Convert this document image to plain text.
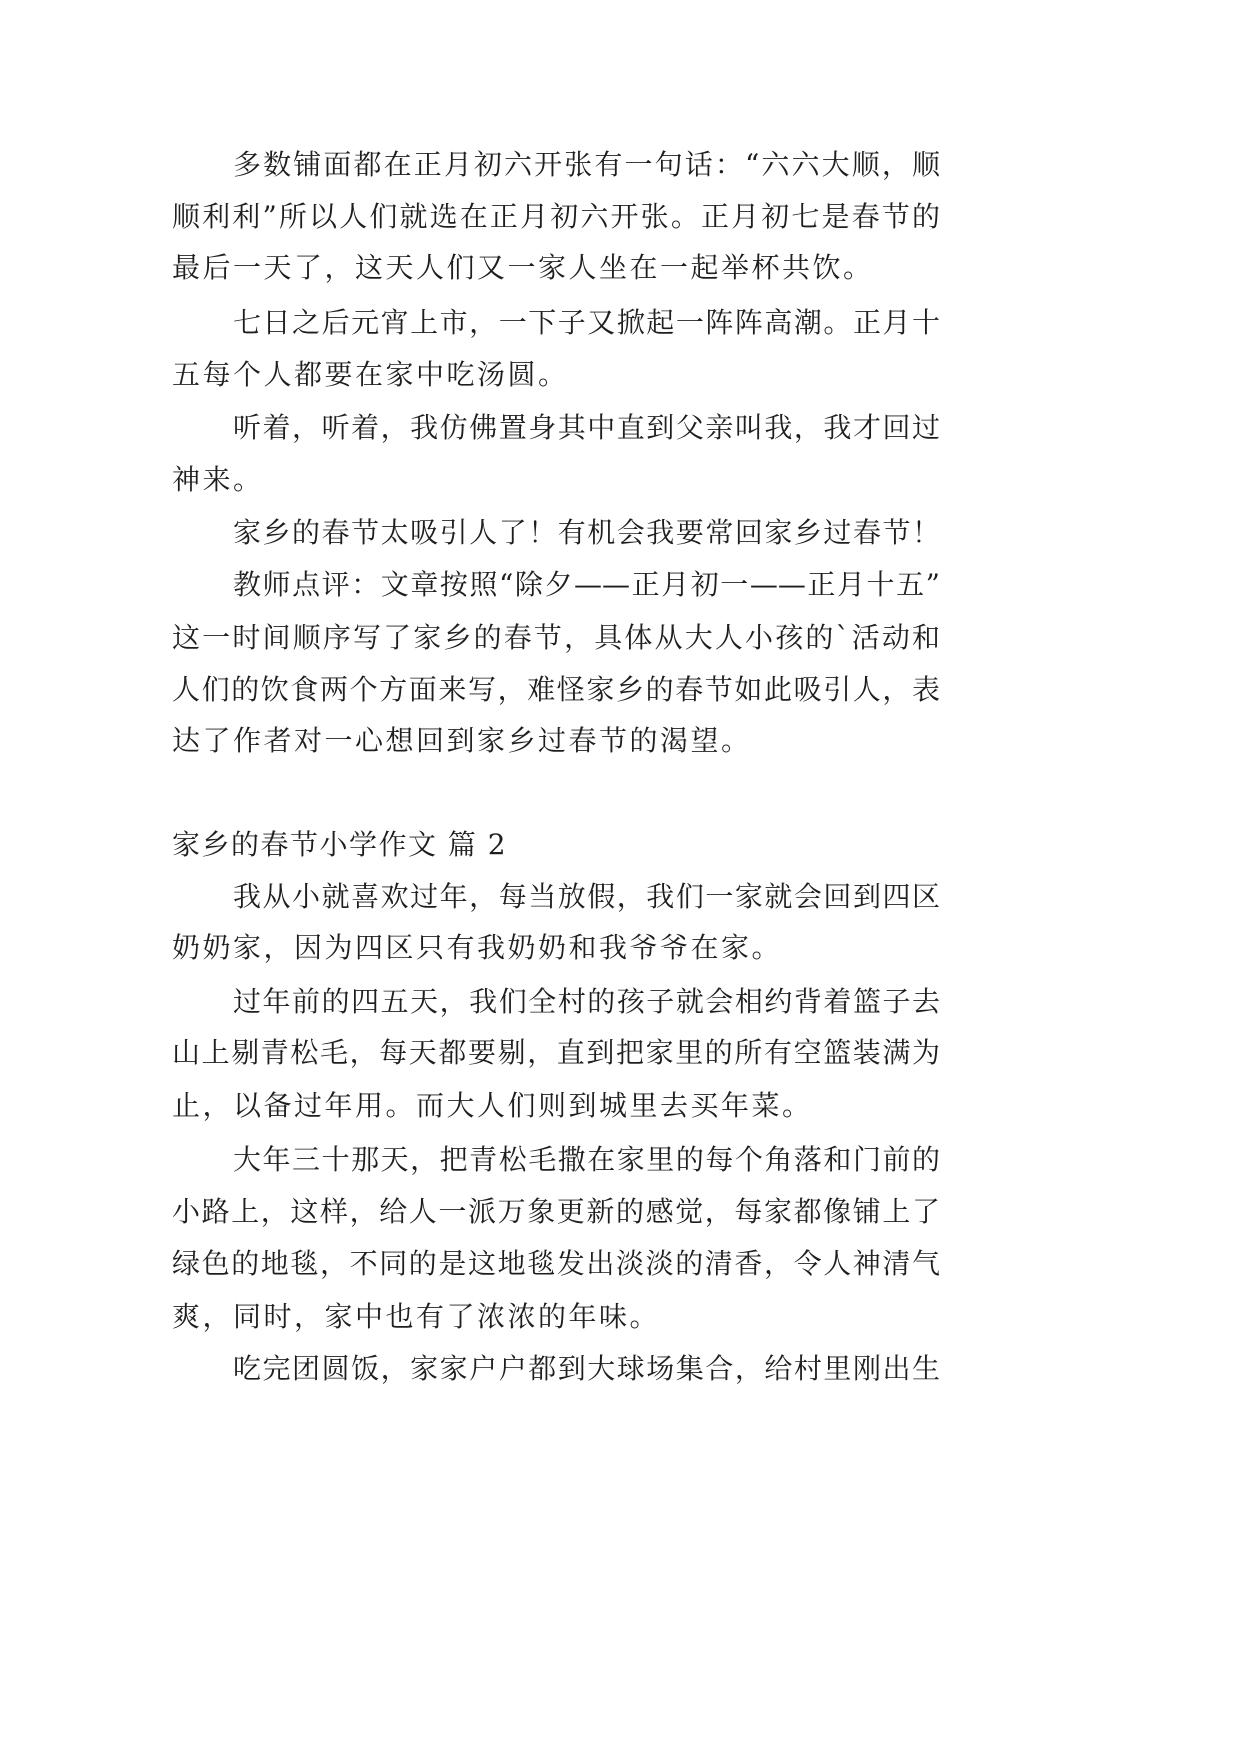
多数铺面都在正月初六开张有一句话：“六六大顺，顺
顺利利”所以人们就选在正月初六开张。正月初七是春节的
最后一天了，这天人们又一家人坐在一起举杯共饮。
七日之后元宵上市，一下子又掀起一阵阵高潮。正月十
五每个人都要在家中吃汤圆。
听着，听着，我仿佛置身其中直到父亲叫我，我才回过
神来。
家乡的春节太吸引人了！有机会我要常回家乡过春节！
教师点评：文章按照“除夕——正月初一——正月十五”
这一时间顺序写了家乡的春节，具体从大人小孩的`活动和
人们的饮食两个方面来写，难怪家乡的春节如此吸引人，表
达了作者对一心想回到家乡过春节的渴望。
家乡的春节小学作文 篇 2
我从小就喜欢过年，每当放假，我们一家就会回到四区
奶奶家，因为四区只有我奶奶和我爷爷在家。
过年前的四五天，我们全村的孩子就会相约背着篮子去
山上剔青松毛，每天都要剔，直到把家里的所有空篮装满为
止，以备过年用。而大人们则到城里去买年菜。
大年三十那天，把青松毛撒在家里的每个角落和门前的
小路上，这样，给人一派万象更新的感觉，每家都像铺上了
绿色的地毯，不同的是这地毯发出淡淡的清香，令人神清气
爽，同时，家中也有了浓浓的年味。
吃完团圆饭，家家户户都到大球场集合，给村里刚出生
